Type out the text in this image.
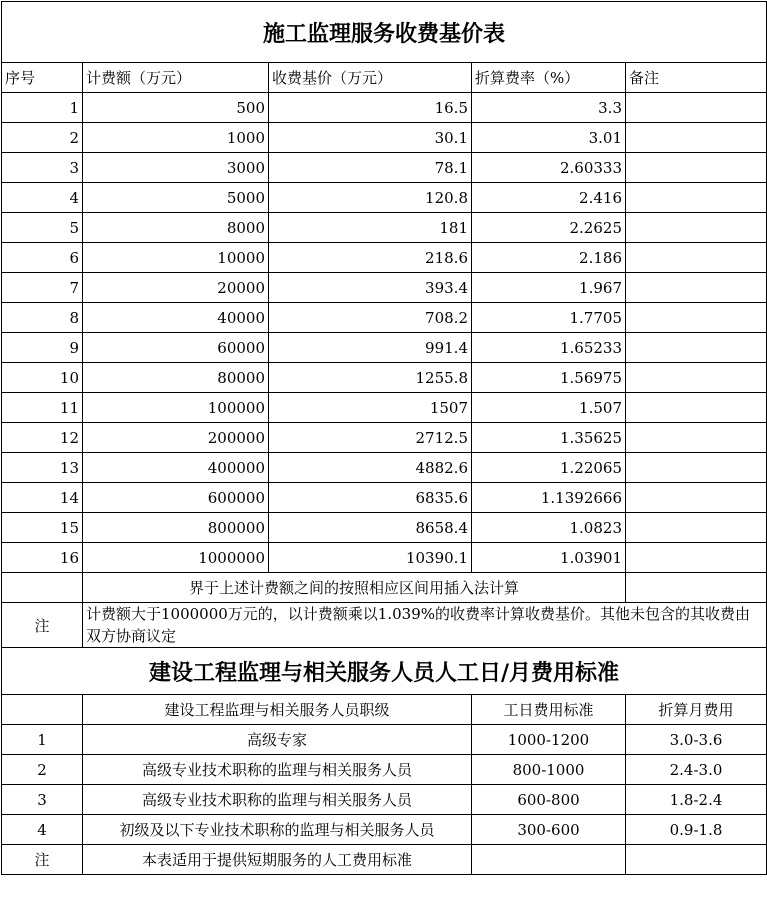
施工监理服务收费基价表				
序号	计费额（万元）	收费基价（万元）	折算费率（%）	备注
1	500	16.5	3.3	
2	1000	30.1	3.01	
3	3000	78.1	2.60333	
4	5000	120.8	2.416	
5	8000	181	2.2625	
6	10000	218.6	2.186	
7	20000	393.4	1.967	
8	40000	708.2	1.7705	
9	60000	991.4	1.65233	
10	80000	1255.8	1.56975	
11	100000	1507	1.507	
12	200000	2712.5	1.35625	
13	400000	4882.6	1.22065	
14	600000	6835.6	1.1392666	
15	800000	8658.4	1.0823	
16	1000000	10390.1	1.03901	
	界于上述计费额之间的按照相应区间用插入法计算			
注	计费额大于1000000万元的，以计费额乘以1.039%的收费率计算收费基价。其他未包含的其收费由双方协商议定			
建设工程监理与相关服务人员人工日/月费用标准				
	建设工程监理与相关服务人员职级		工日费用标准	折算月费用
1	高级专家		1000-1200	3.0-3.6
2	高级专业技术职称的监理与相关服务人员		800-1000	2.4-3.0
3	高级专业技术职称的监理与相关服务人员		600-800	1.8-2.4
4	初级及以下专业技术职称的监理与相关服务人员		300-600	0.9-1.8
注	本表适用于提供短期服务的人工费用标准			
